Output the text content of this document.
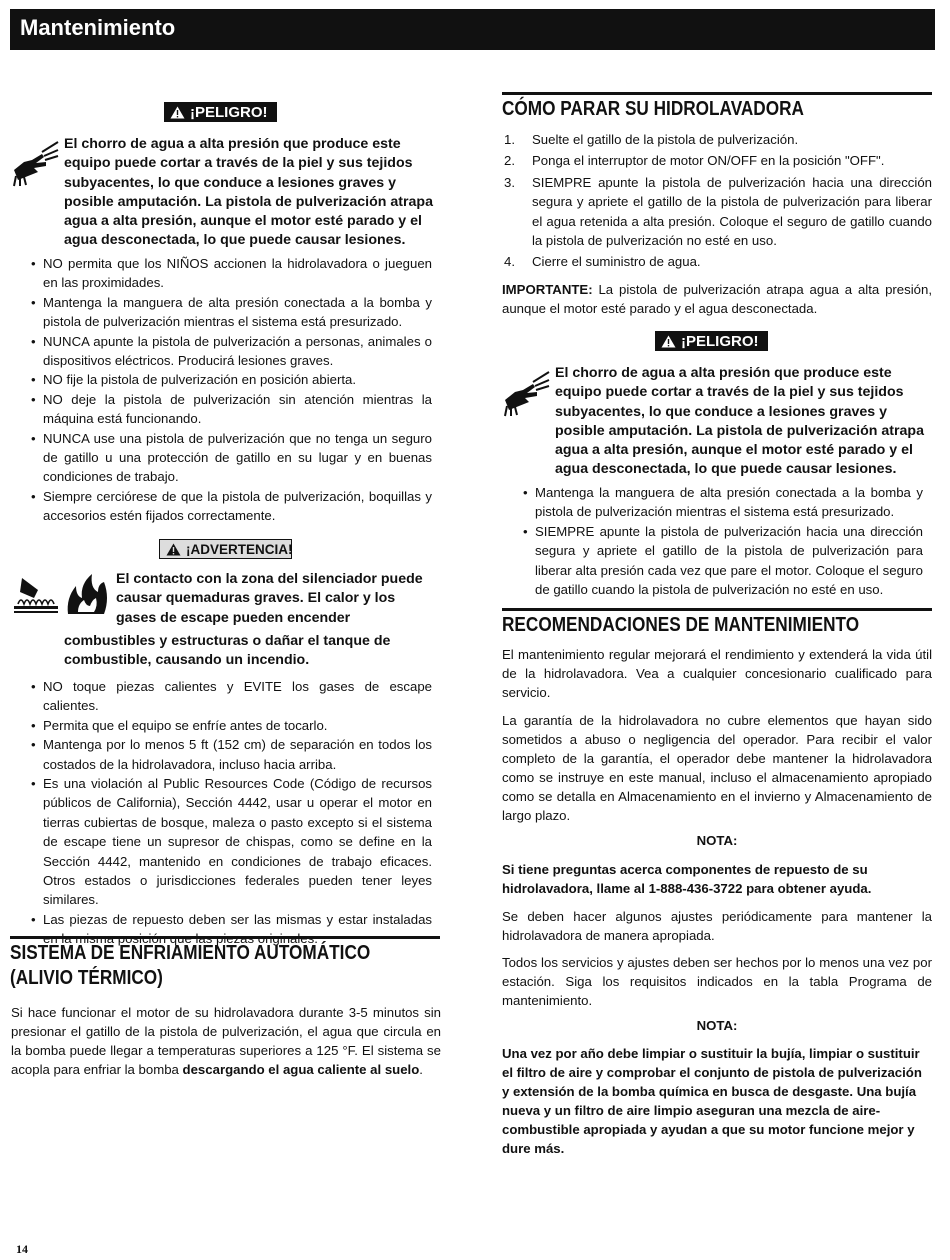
Mantenimiento
¡PELIGRO!

El chorro de agua a alta presión que produce este equipo puede cortar a través de la piel y sus tejidos subyacentes, lo que conduce a lesiones graves y posible amputación. La pistola de pulverización atrapa agua a alta presión, aunque el motor esté parado y el agua desconectada, lo que puede causar lesiones.

• NO permita que los NIÑOS accionen la hidrolavadora o jueguen en las proximidades.
• Mantenga la manguera de alta presión conectada a la bomba y pistola de pulverización mientras el sistema está presurizado.
• NUNCA apunte la pistola de pulverización a personas, animales o dispositivos eléctricos. Producirá lesiones graves.
• NO fije la pistola de pulverización en posición abierta.
• NO deje la pistola de pulverización sin atención mientras la máquina está funcionando.
• NUNCA use una pistola de pulverización que no tenga un seguro de gatillo u una protección de gatillo en su lugar y en buenas condiciones de trabajo.
• Siempre cerciórese de que la pistola de pulverización, boquillas y accesorios estén fijados correctamente.
¡ADVERTENCIA!

El contacto con la zona del silenciador puede causar quemaduras graves. El calor y los gases de escape pueden encender

combustibles y estructuras o dañar el tanque de combustible, causando un incendio.

• NO toque piezas calientes y EVITE los gases de escape calientes.
• Permita que el equipo se enfríe antes de tocarlo.
• Mantenga por lo menos 5 ft (152 cm) de separación en todos los costados de la hidrolavadora, incluso hacia arriba.
• Es una violación al Public Resources Code (Código de recursos públicos de California), Sección 4442, usar u operar el motor en tierras cubiertas de bosque, maleza o pasto excepto si el sistema de escape tiene un supresor de chispas, como se define en la Sección 4442, mantenido en condiciones de trabajo eficaces. Otros estados o jurisdicciones federales pueden tener leyes similares.
• Las piezas de repuesto deben ser las mismas y estar instaladas en la misma posición que las piezas originales.
SISTEMA DE ENFRIAMIENTO AUTOMÁTICO
(ALIVIO TÉRMICO)

Si hace funcionar el motor de su hidrolavadora durante 3-5 minutos sin presionar el gatillo de la pistola de pulverización, el agua que circula en la bomba puede llegar a temperaturas superiores a 125 °F. El sistema se acopla para enfriar la bomba descargando el agua caliente al suelo.

CÓMO PARAR SU HIDROLAVADORA
1. Suelte el gatillo de la pistola de pulverización.
2. Ponga el interruptor de motor ON/OFF en la posición "OFF".
3. SIEMPRE apunte la pistola de pulverización hacia una dirección segura y apriete el gatillo de la pistola de pulverización para liberar el agua retenida a alta presión. Coloque el seguro de gatillo cuando la pistola de pulverización no esté en uso.
4. Cierre el suministro de agua.

IMPORTANTE: La pistola de pulverización atrapa agua a alta presión, aunque el motor esté parado y el agua desconectada.

¡PELIGRO!

El chorro de agua a alta presión que produce este equipo puede cortar a través de la piel y sus tejidos subyacentes, lo que conduce a lesiones graves y posible amputación. La pistola de pulverización atrapa agua a alta presión, aunque el motor esté parado y el agua desconectada, lo que puede causar lesiones.

• Mantenga la manguera de alta presión conectada a la bomba y pistola de pulverización mientras el sistema está presurizado.
• SIEMPRE apunte la pistola de pulverización hacia una dirección segura y apriete el gatillo de la pistola de pulverización para liberar alta presión cada vez que pare el motor. Coloque el seguro de gatillo cuando la pistola de pulverización no esté en uso.
RECOMENDACIONES DE MANTENIMIENTO

El mantenimiento regular mejorará el rendimiento y extenderá la vida útil de la hidrolavadora. Vea a cualquier concesionario cualificado para servicio.

La garantía de la hidrolavadora no cubre elementos que hayan sido sometidos a abuso o negligencia del operador. Para recibir el valor completo de la garantía, el operador debe mantener la hidrolavadora como se instruye en este manual, incluso el almacenamiento apropiado como se detalla en Almacenamiento en el invierno y Almacenamiento de largo plazo.

NOTA:

Si tiene preguntas acerca componentes de repuesto de su hidrolavadora, llame al 1-888-436-3722 para obtener ayuda.

Se deben hacer algunos ajustes periódicamente para mantener la hidrolavadora de manera apropiada.

Todos los servicios y ajustes deben ser hechos por lo menos una vez por estación. Siga los requisitos indicados en la tabla Programa de mantenimiento.

NOTA:

Una vez por año debe limpiar o sustituir la bujía, limpiar o sustituir el filtro de aire y comprobar el conjunto de pistola de pulverización y extensión de la bomba química en busca de desgaste. Una bujía nueva y un filtro de aire limpio aseguran una mezcla de aire-combustible apropiada y ayudan a que su motor funcione mejor y dure más.

14
